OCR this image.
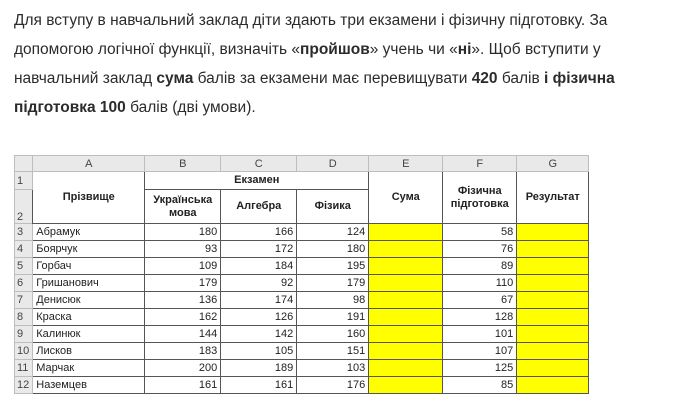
Для вступу в навчальний заклад діти здають три екзамени і фізичну підготовку. За допомогою логічної функції, визначіть «пройшов» учень чи «ні». Щоб вступити у навчальний заклад сума балів за екзамени має перевищувати 420 балів і фізична підготовка 100 балів (дві умови).
	A	B	C	D	E	F	G
1	Прізвище	Екзамен			Сума	Фізична підготовка	Результат
2		Українська мова	Алгебра	Фізика			
3	Абрамук	180	166	124		58	
4	Боярчук	93	172	180		76	
5	Горбач	109	184	195		89	
6	Гришанович	179	92	179		110	
7	Денисюк	136	174	98		67	
8	Краска	162	126	191		128	
9	Калинюк	144	142	160		101	
10	Лисков	183	105	151		107	
11	Марчак	200	189	103		125	
12	Наземцев	161	161	176		85	
